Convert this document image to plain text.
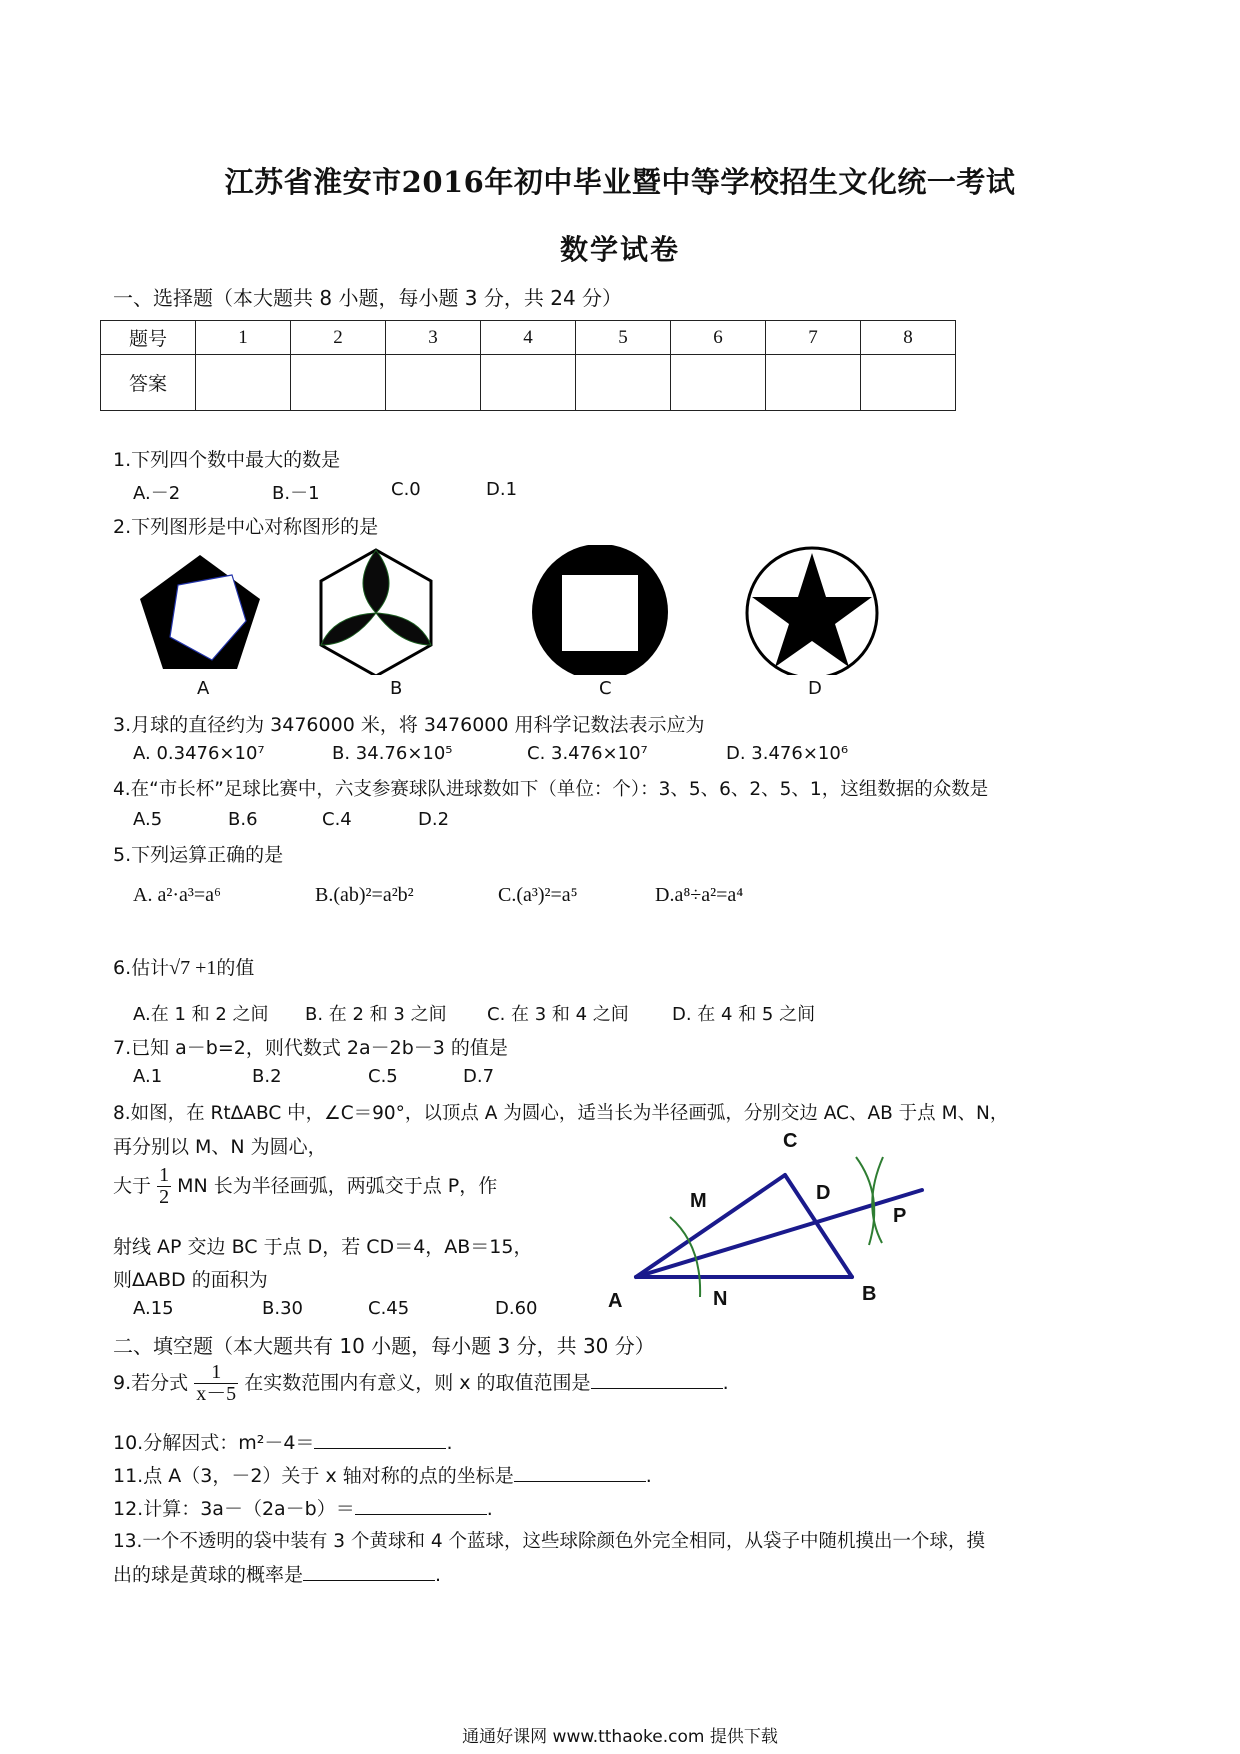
江苏省淮安市2016年初中毕业暨中等学校招生文化统一考试
数学试卷
一、选择题（本大题共 8 小题，每小题 3 分，共 24 分）
题号	1	2	3	4	5	6	7	8
答案								
1.下列四个数中最大的数是
A.－2	B.－1	C.0	D.1
2.下列图形是中心对称图形的是
A	B	C	D
3.月球的直径约为 3476000 米，将 3476000 用科学记数法表示应为
A. 0.3476×10⁷	B. 34.76×10⁵	C. 3.476×10⁷	D. 3.476×10⁶
4.在“市长杯”足球比赛中，六支参赛球队进球数如下（单位：个）：3、5、6、2、5、1，这组数据的众数是
A.5	B.6	C.4	D.2
5.下列运算正确的是
A. a²·a³=a⁶	B.(ab)²=a²b²	C.(a³)²=a⁵	D.a⁸÷a²=a⁴
6.估计√7 +1的值
A.在 1 和 2 之间 B. 在 2 和 3 之间 C. 在 3 和 4 之间 D. 在 4 和 5 之间
7.已知 a－b=2，则代数式 2a－2b－3 的值是
A.1	B.2	C.5	D.7
8.如图，在 RtΔABC 中，∠C＝90°，以顶点 A 为圆心，适当长为半径画弧，分别交边 AC、AB 于点 M、N，
再分别以 M、N 为圆心，
大于 $\frac{1}{2}$ MN 长为半径画弧，两弧交于点 P，作
射线 AP 交边 BC 于点 D，若 CD＝4，AB＝15，
则ΔABD 的面积为
A.15	B.30	C.45	D.60
C
M	D
P
A	N	B
二、填空题（本大题共有 10 小题，每小题 3 分，共 30 分）
9.若分式 $\frac{1}{x-5}$ 在实数范围内有意义，则 x 的取值范围是	.
10.分解因式：m²－4＝	.
11.点 A（3，－2）关于 x 轴对称的点的坐标是	.
12.计算：3a－（2a－b）＝	.
13.一个不透明的袋中装有 3 个黄球和 4 个蓝球，这些球除颜色外完全相同，从袋子中随机摸出一个球，摸
出的球是黄球的概率是	.
通通好课网 www.tthaoke.com 提供下载
